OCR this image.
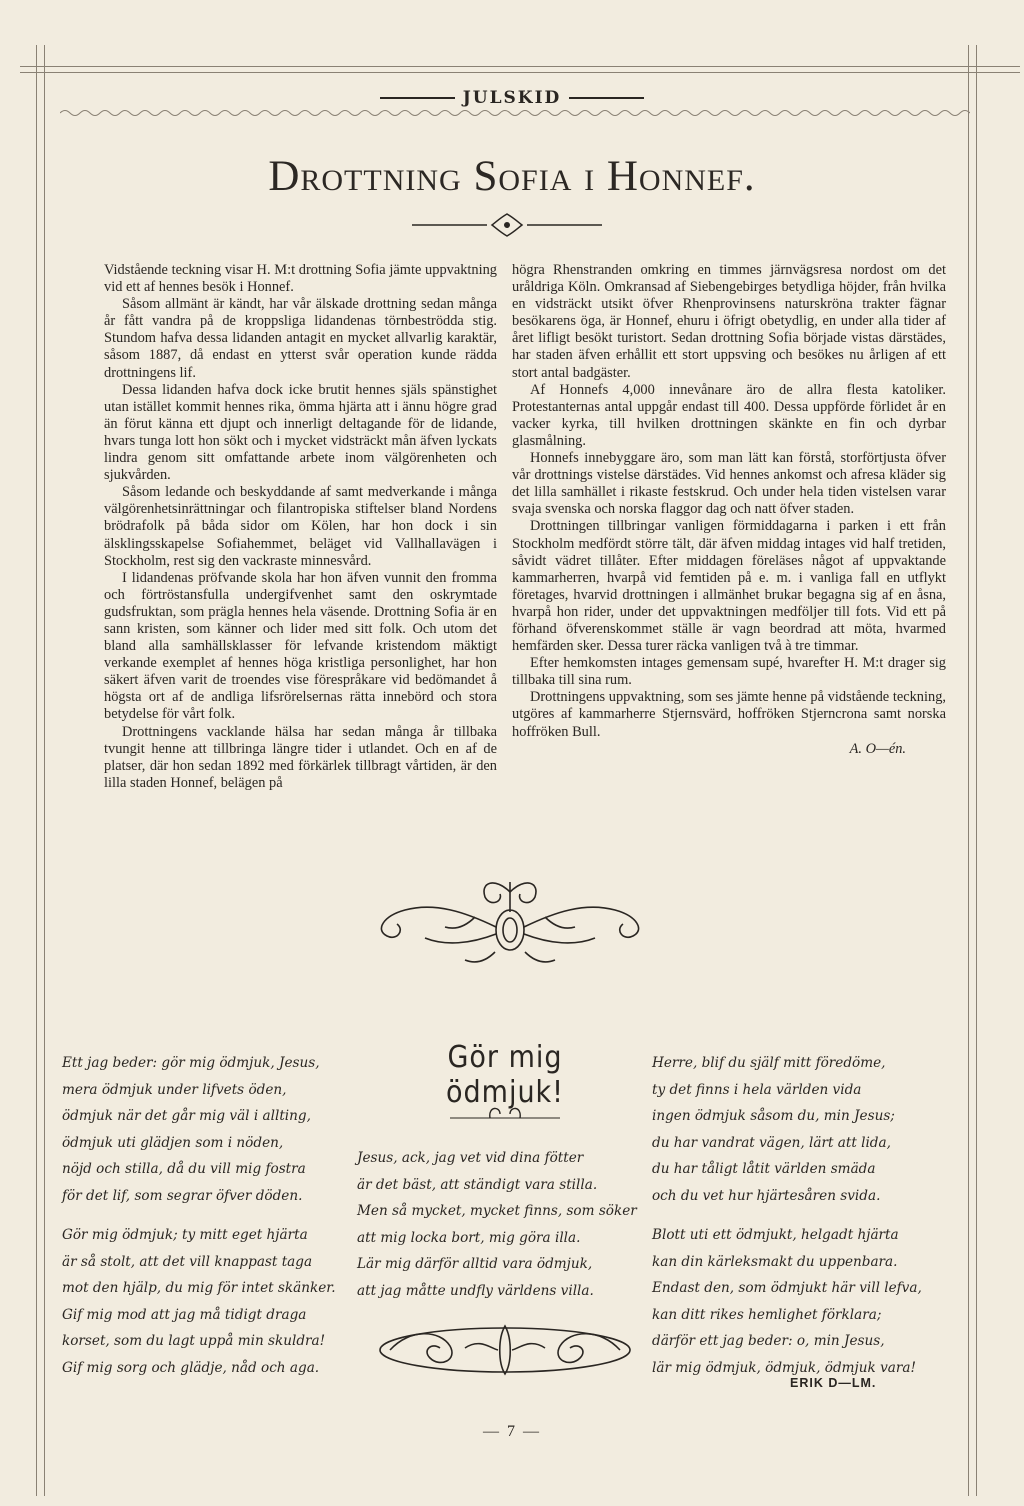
JULSKID
Drottning Sofia i Honnef.

Vidstående teckning visar H. M:t drottning Sofia jämte uppvaktning vid ett af hennes besök i Honnef.

Såsom allmänt är kändt, har vår älskade drottning sedan många år fått vandra på de kroppsliga lidandenas törnbeströdda stig. Stundom hafva dessa lidanden antagit en mycket allvarlig karaktär, såsom 1887, då endast en ytterst svår operation kunde rädda drottningens lif.

Dessa lidanden hafva dock icke brutit hennes själs spänstighet utan istället kommit hennes rika, ömma hjärta att i ännu högre grad än förut känna ett djupt och innerligt deltagande för de lidande, hvars tunga lott hon sökt och i mycket vidsträckt mån äfven lyckats lindra genom sitt omfattande arbete inom välgörenheten och sjukvården.

Såsom ledande och beskyddande af samt medverkande i många välgörenhetsinrättningar och filantropiska stiftelser bland Nordens brödrafolk på båda sidor om Kölen, har hon dock i sin älsklingsskapelse Sofiahemmet, beläget vid Vallhallavägen i Stockholm, rest sig den vackraste minnesvård.

I lidandenas pröfvande skola har hon äfven vunnit den fromma och förtröstansfulla undergifvenhet samt den oskrymtade gudsfruktan, som prägla hennes hela väsende. Drottning Sofia är en sann kristen, som känner och lider med sitt folk. Och utom det bland alla samhällsklasser för lefvande kristendom mäktigt verkande exemplet af hennes höga kristliga personlighet, har hon säkert äfven varit de troendes vise förespråkare vid bedömandet å högsta ort af de andliga lifsrörelsernas rätta innebörd och stora betydelse för vårt folk.

Drottningens vacklande hälsa har sedan många år tillbaka tvungit henne att tillbringa längre tider i utlandet. Och en af de platser, där hon sedan 1892 med förkärlek tillbragt vårtiden, är den lilla staden Honnef, belägen på

högra Rhenstranden omkring en timmes järnvägsresa nordost om det uråldriga Köln. Omkransad af Siebengebirges betydliga höjder, från hvilka en vidsträckt utsikt öfver Rhenprovinsens naturskröna trakter fägnar besökarens öga, är Honnef, ehuru i öfrigt obetydlig, en under alla tider af året lifligt besökt turistort. Sedan drottning Sofia började vistas därstädes, har staden äfven erhållit ett stort uppsving och besökes nu årligen af ett stort antal badgäster.

Af Honnefs 4,000 innevånare äro de allra flesta katoliker. Protestanternas antal uppgår endast till 400. Dessa uppförde förlidet år en vacker kyrka, till hvilken drottningen skänkte en fin och dyrbar glasmålning.

Honnefs innebyggare äro, som man lätt kan förstå, storförtjusta öfver vår drottnings vistelse därstädes. Vid hennes ankomst och afresa kläder sig det lilla samhället i rikaste festskrud. Och under hela tiden vistelsen varar svaja svenska och norska flaggor dag och natt öfver staden.

Drottningen tillbringar vanligen förmiddagarna i parken i ett från Stockholm medfördt större tält, där äfven middag intages vid half tretiden, såvidt vädret tillåter. Efter middagen föreläses något af uppvaktande kammarherren, hvarpå vid femtiden på e. m. i vanliga fall en utflykt företages, hvarvid drottningen i allmänhet brukar begagna sig af en åsna, hvarpå hon rider, under det uppvaktningen medföljer till fots. Vid ett på förhand öfverenskommet ställe är vagn beordrad att möta, hvarmed hemfärden sker. Dessa turer räcka vanligen två à tre timmar.

Efter hemkomsten intages gemensam supé, hvarefter H. M:t drager sig tillbaka till sina rum.

Drottningens uppvaktning, som ses jämte henne på vidstående teckning, utgöres af kammarherre Stjernsvärd, hoffröken Stjerncrona samt norska hoffröken Bull.

A. O—én.
Gör mig ödmjuk!
Ett jag beder: gör mig ödmjuk, Jesus,
mera ödmjuk under lifvets öden,
ödmjuk när det går mig väl i allting,
ödmjuk uti glädjen som i nöden,
nöjd och stilla, då du vill mig fostra
för det lif, som segrar öfver döden.
Gör mig ödmjuk; ty mitt eget hjärta
är så stolt, att det vill knappast taga
mot den hjälp, du mig för intet skänker.
Gif mig mod att jag må tidigt draga
korset, som du lagt uppå min skuldra!
Gif mig sorg och glädje, nåd och aga.
Jesus, ack, jag vet vid dina fötter
är det bäst, att ständigt vara stilla.
Men så mycket, mycket finns, som söker
att mig locka bort, mig göra illa.
Lär mig därför alltid vara ödmjuk,
att jag måtte undfly världens villa.
Herre, blif du själf mitt föredöme,
ty det finns i hela världen vida
ingen ödmjuk såsom du, min Jesus;
du har vandrat vägen, lärt att lida,
du har tåligt låtit världen smäda
och du vet hur hjärtesåren svida.
Blott uti ett ödmjukt, helgadt hjärta
kan din kärleksmakt du uppenbara.
Endast den, som ödmjukt här vill lefva,
kan ditt rikes hemlighet förklara;
därför ett jag beder: o, min Jesus,
lär mig ödmjuk, ödmjuk, ödmjuk vara!
ERIK D—LM.
— 7 —
